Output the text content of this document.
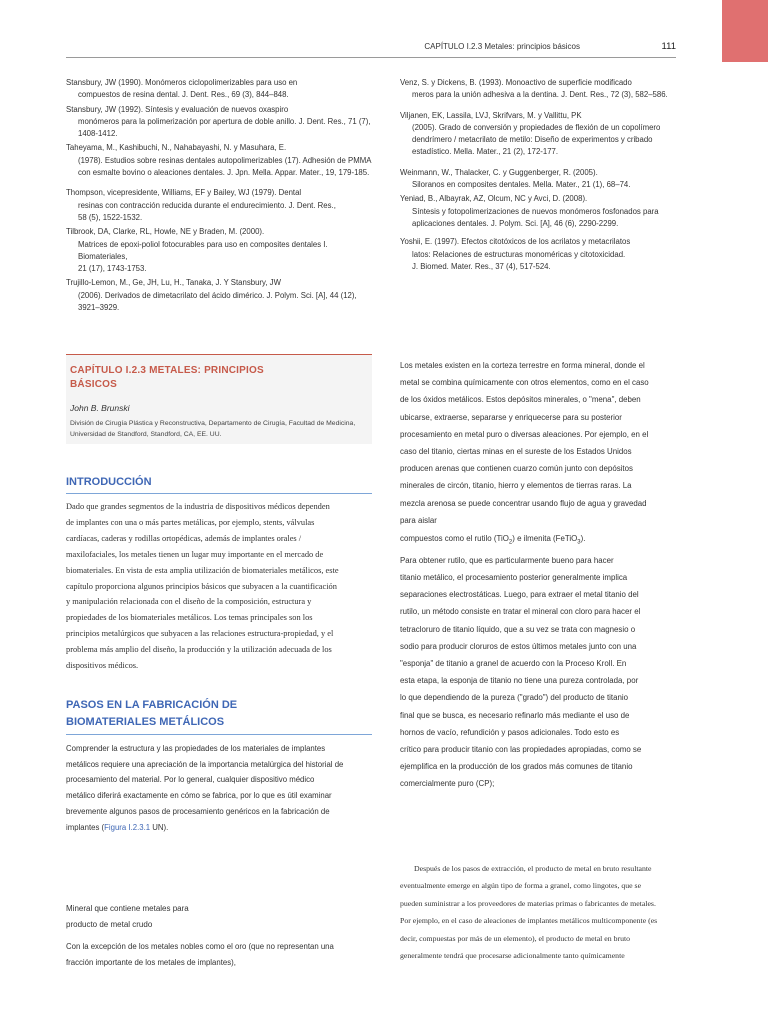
CAPÍTULO I.2.3 Metales: principios básicos	111
Stansbury, JW (1990). Monómeros ciclopolimerizables para uso en
compuestos de resina dental. J. Dent. Res., 69 (3), 844–848.
Stansbury, JW (1992). Síntesis y evaluación de nuevos oxaspiro
monómeros para la polimerización por apertura de doble anillo. J. Dent. Res., 71 (7),
1408-1412.
Taheyama, M., Kashibuchi, N., Nahabayashi, N. y Masuhara, E.
(1978). Estudios sobre resinas dentales autopolimerizables (17). Adhesión de PMMA
con esmalte bovino o aleaciones dentales. J. Jpn. Mella. Appar. Mater., 19, 179-185.
Thompson, vicepresidente, Williams, EF y Bailey, WJ (1979). Dental
resinas con contracción reducida durante el endurecimiento. J. Dent. Res.,
58 (5), 1522-1532.
Tilbrook, DA, Clarke, RL, Howle, NE y Braden, M. (2000).
Matrices de epoxi-poliol fotocurables para uso en composites dentales I. Biomateriales,
21 (17), 1743-1753.
Trujillo-Lemon, M., Ge, JH, Lu, H., Tanaka, J. Y Stansbury, JW
(2006). Derivados de dimetacrilato del ácido dimérico. J. Polym. Sci. [A], 44 (12),
3921–3929.
Venz, S. y Dickens, B. (1993). Monoactivo de superficie modificado
meros para la unión adhesiva a la dentina. J. Dent. Res., 72 (3), 582–586.
Viljanen, EK, Lassila, LVJ, Skrifvars, M. y Vallittu, PK
(2005). Grado de conversión y propiedades de flexión de un copolímero
dendrímero / metacrilato de metilo: Diseño de experimentos y cribado
estadístico. Mella. Mater., 21 (2), 172-177.
Weinmann, W., Thalacker, C. y Guggenberger, R. (2005).
Siloranos en composites dentales. Mella. Mater., 21 (1), 68–74.
Yeniad, B., Albayrak, AZ, Olcum, NC y Avci, D. (2008).
Síntesis y fotopolimerizaciones de nuevos monómeros fosfonados para
aplicaciones dentales. J. Polym. Sci. [A], 46 (6), 2290-2299.
Yoshii, E. (1997). Efectos citotóxicos de los acrilatos y metacrilatos
latos: Relaciones de estructuras monoméricas y citotoxicidad.
J. Biomed. Mater. Res., 37 (4), 517-524.
CAPÍTULO I.2.3 METALES: PRINCIPIOS
BÁSICOS
John B. Brunski
División de Cirugía Plástica y Reconstructiva, Departamento de Cirugía, Facultad de Medicina,
Universidad de Standford, Standford, CA, EE. UU.
INTRODUCCIÓN
Dado que grandes segmentos de la industria de dispositivos médicos dependen
de implantes con una o más partes metálicas, por ejemplo, stents, válvulas
cardíacas, caderas y rodillas ortopédicas, además de implantes orales /
maxilofaciales, los metales tienen un lugar muy importante en el mercado de
biomateriales. En vista de esta amplia utilización de biomateriales metálicos, este
capítulo proporciona algunos principios básicos que subyacen a la cuantificación
y manipulación relacionada con el diseño de la composición, estructura y
propiedades de los biomateriales metálicos. Los temas principales son los
principios metalúrgicos que subyacen a las relaciones estructura-propiedad, y el
problema más amplio del diseño, la producción y la utilización adecuada de los
dispositivos médicos.
PASOS EN LA FABRICACIÓN DE
BIOMATERIALES METÁLICOS
Comprender la estructura y las propiedades de los materiales de implantes
metálicos requiere una apreciación de la importancia metalúrgica del historial de
procesamiento del material. Por lo general, cualquier dispositivo médico
metálico diferirá exactamente en cómo se fabrica, por lo que es útil examinar
brevemente algunos pasos de procesamiento genéricos en la fabricación de
implantes (Figura I.2.3.1 UN).
Mineral que contiene metales para
producto de metal crudo
Con la excepción de los metales nobles como el oro (que no representan una
fracción importante de los metales de implantes),
Los metales existen en la corteza terrestre en forma mineral, donde el
metal se combina químicamente con otros elementos, como en el caso
de los óxidos metálicos. Estos depósitos minerales, o "mena", deben
ubicarse, extraerse, separarse y enriquecerse para su posterior
procesamiento en metal puro o diversas aleaciones. Por ejemplo, en el
caso del titanio, ciertas minas en el sureste de los Estados Unidos
producen arenas que contienen cuarzo común junto con depósitos
minerales de circón, titanio, hierro y elementos de tierras raras. La
mezcla arenosa se puede concentrar usando flujo de agua y gravedad
para aislar
compuestos como el rutilo (TiO$_2$) e ilmenita (FeTiO$_3$).
Para obtener rutilo, que es particularmente bueno para hacer
titanio metálico, el procesamiento posterior generalmente implica
separaciones electrostáticas. Luego, para extraer el metal titanio del
rutilo, un método consiste en tratar el mineral con cloro para hacer el
tetracloruro de titanio líquido, que a su vez se trata con magnesio o
sodio para producir cloruros de estos últimos metales junto con una
"esponja" de titanio a granel de acuerdo con la Proceso Kroll. En
esta etapa, la esponja de titanio no tiene una pureza controlada, por
lo que dependiendo de la pureza ("grado") del producto de titanio
final que se busca, es necesario refinarlo más mediante el uso de
hornos de vacío, refundición y pasos adicionales. Todo esto es
crítico para producir titanio con las propiedades apropiadas, como se
ejemplifica en la producción de los grados más comunes de titanio
comercialmente puro (CP);
Después de los pasos de extracción, el producto de metal en bruto resultante
eventualmente emerge en algún tipo de forma a granel, como lingotes, que se
pueden suministrar a los proveedores de materias primas o fabricantes de metales.
Por ejemplo, en el caso de aleaciones de implantes metálicos multicomponente (es
decir, compuestas por más de un elemento), el producto de metal en bruto
generalmente tendrá que procesarse adicionalmente tanto químicamente
